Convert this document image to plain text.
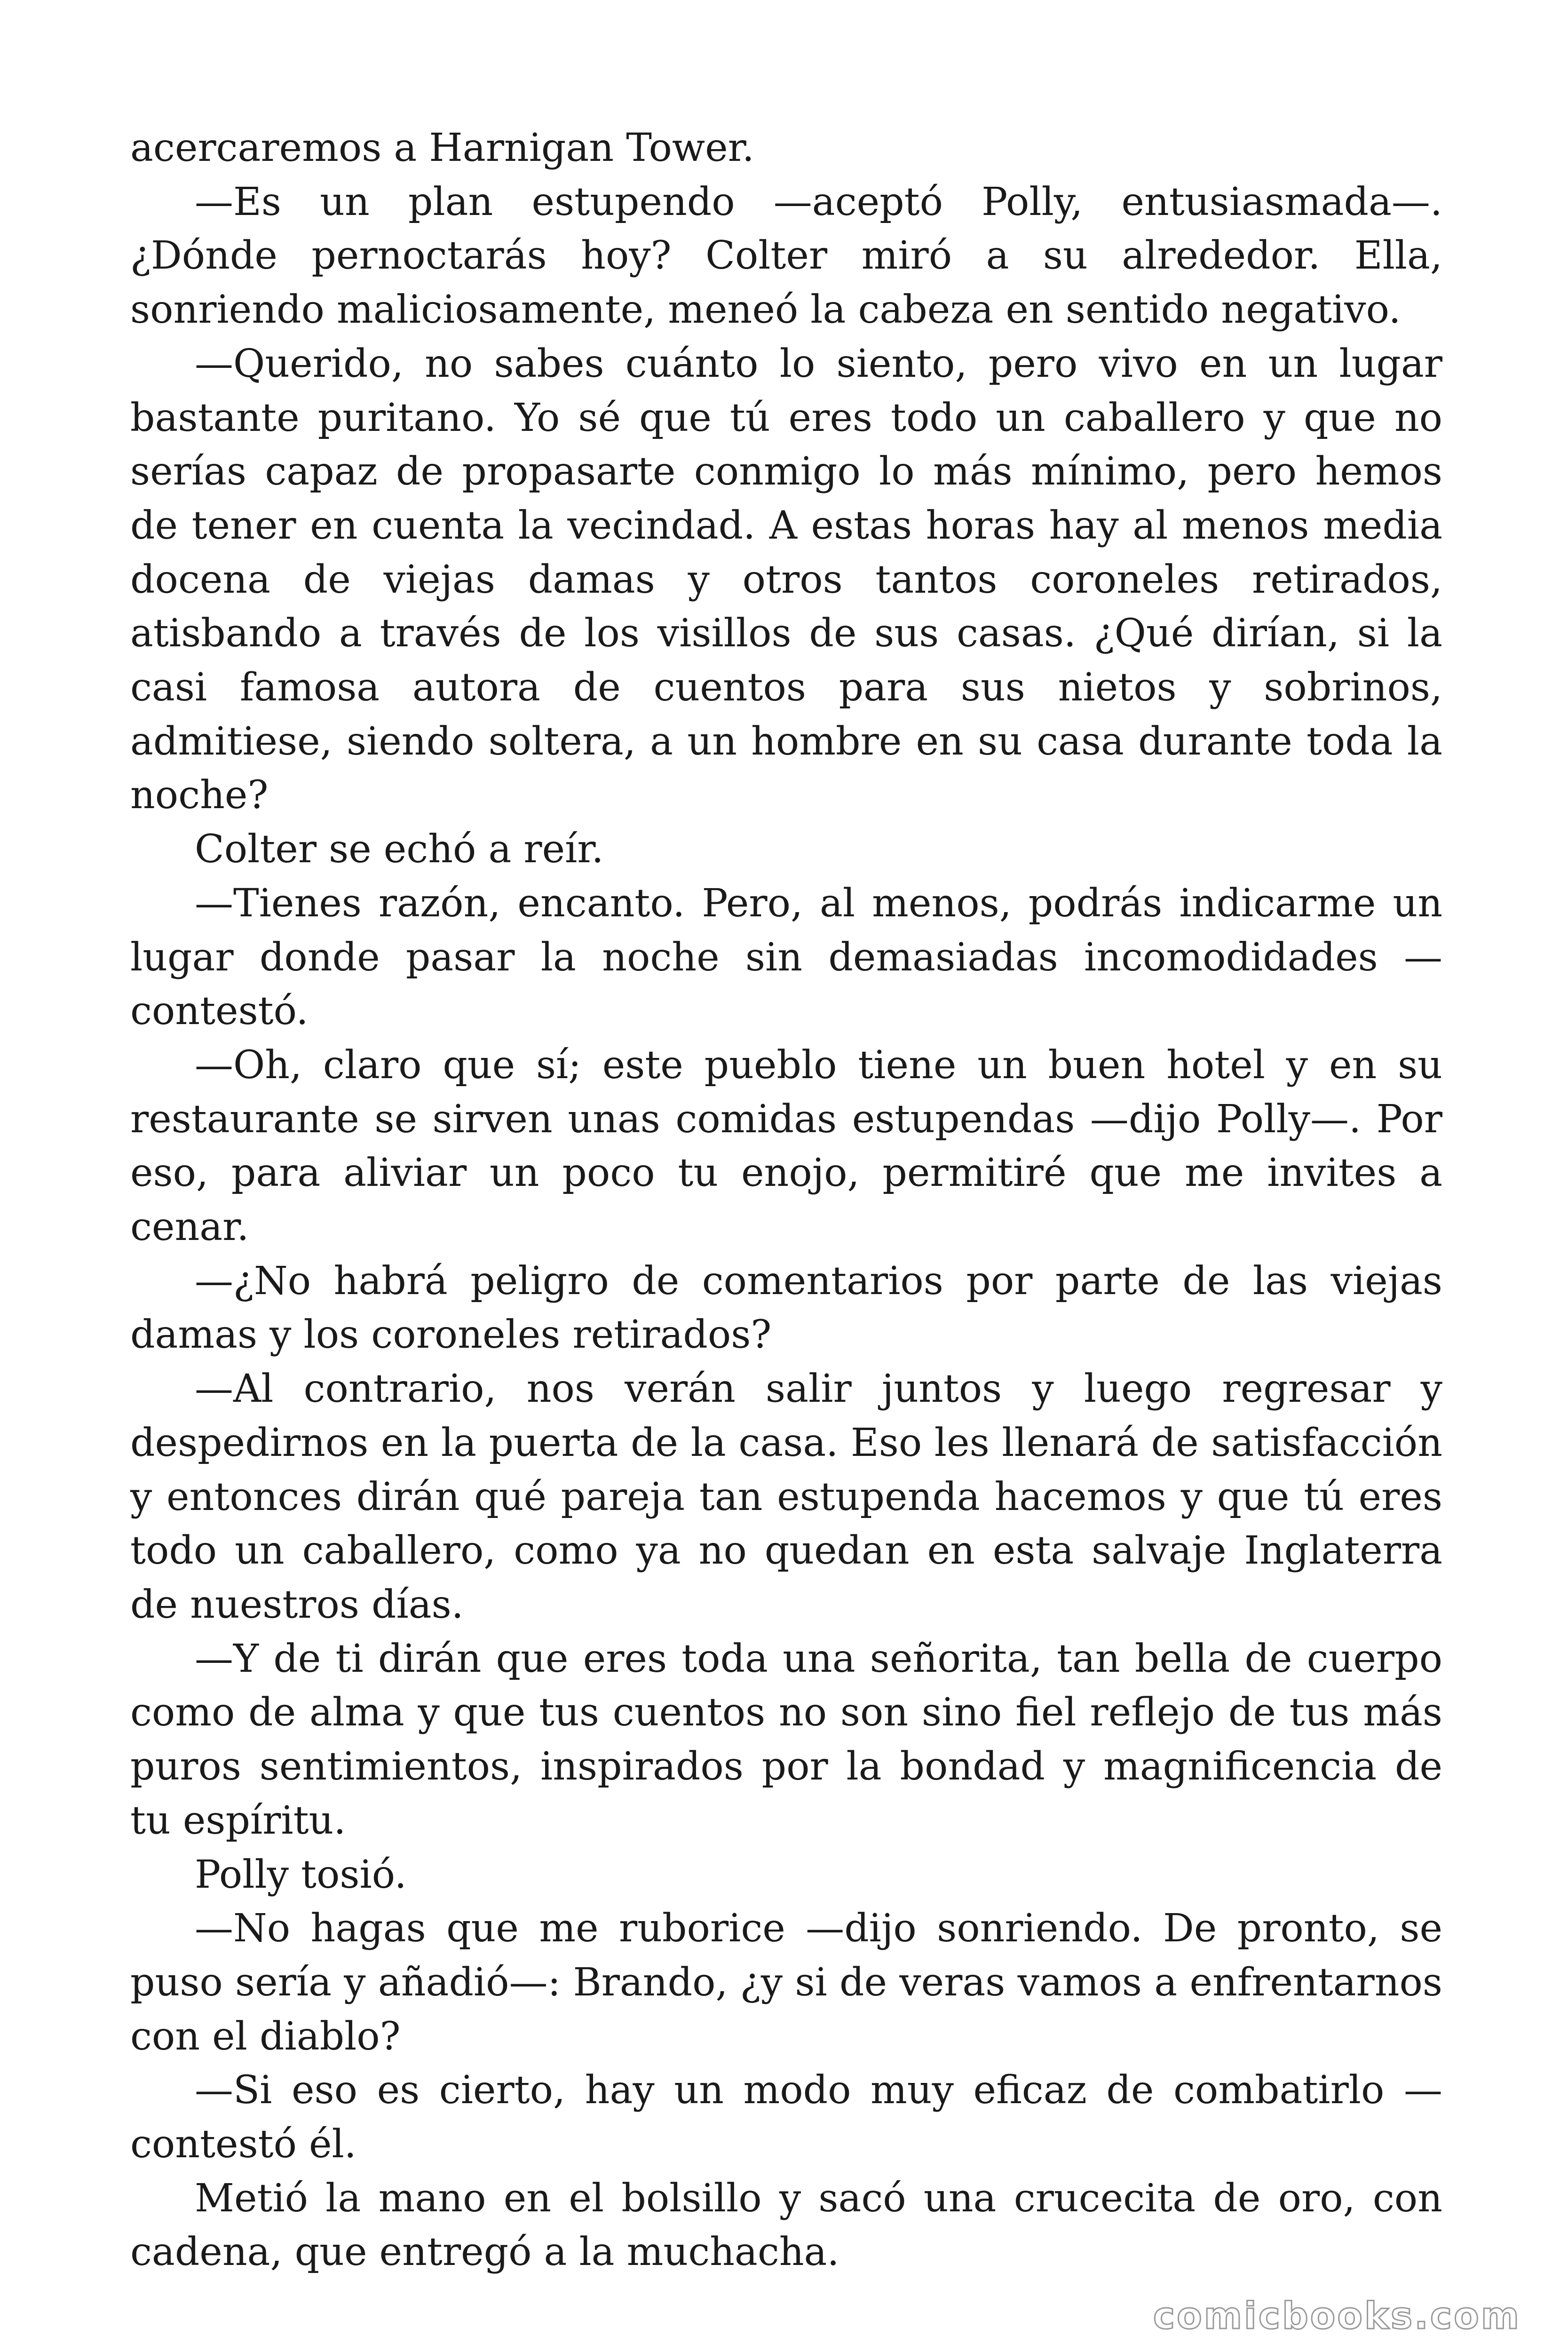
acercaremos a Harnigan Tower.

—Es un plan estupendo —aceptó Polly, entusiasmada—. ¿Dónde pernoctarás hoy? Colter miró a su alrededor. Ella, sonriendo maliciosamente, meneó la cabeza en sentido negativo.

—Querido, no sabes cuánto lo siento, pero vivo en un lugar bastante puritano. Yo sé que tú eres todo un caballero y que no serías capaz de propasarte conmigo lo más mínimo, pero hemos de tener en cuenta la vecindad. A estas horas hay al menos media docena de viejas damas y otros tantos coroneles retirados, atisbando a través de los visillos de sus casas. ¿Qué dirían, si la casi famosa autora de cuentos para sus nietos y sobrinos, admitiese, siendo soltera, a un hombre en su casa durante toda la noche?

Colter se echó a reír.

—Tienes razón, encanto. Pero, al menos, podrás indicarme un lugar donde pasar la noche sin demasiadas incomodidades —contestó.

—Oh, claro que sí; este pueblo tiene un buen hotel y en su restaurante se sirven unas comidas estupendas —dijo Polly—. Por eso, para aliviar un poco tu enojo, permitiré que me invites a cenar.

—¿No habrá peligro de comentarios por parte de las viejas damas y los coroneles retirados?

—Al contrario, nos verán salir juntos y luego regresar y despedirnos en la puerta de la casa. Eso les llenará de satisfacción y entonces dirán qué pareja tan estupenda hacemos y que tú eres todo un caballero, como ya no quedan en esta salvaje Inglaterra de nuestros días.

—Y de ti dirán que eres toda una señorita, tan bella de cuerpo como de alma y que tus cuentos no son sino fiel reflejo de tus más puros sentimientos, inspirados por la bondad y magnificencia de tu espíritu.

Polly tosió.

—No hagas que me ruborice —dijo sonriendo. De pronto, se puso sería y añadió—: Brando, ¿y si de veras vamos a enfrentarnos con el diablo?

—Si eso es cierto, hay un modo muy eficaz de combatirlo —contestó él.

Metió la mano en el bolsillo y sacó una crucecita de oro, con cadena, que entregó a la muchacha.

comicbooks.com
